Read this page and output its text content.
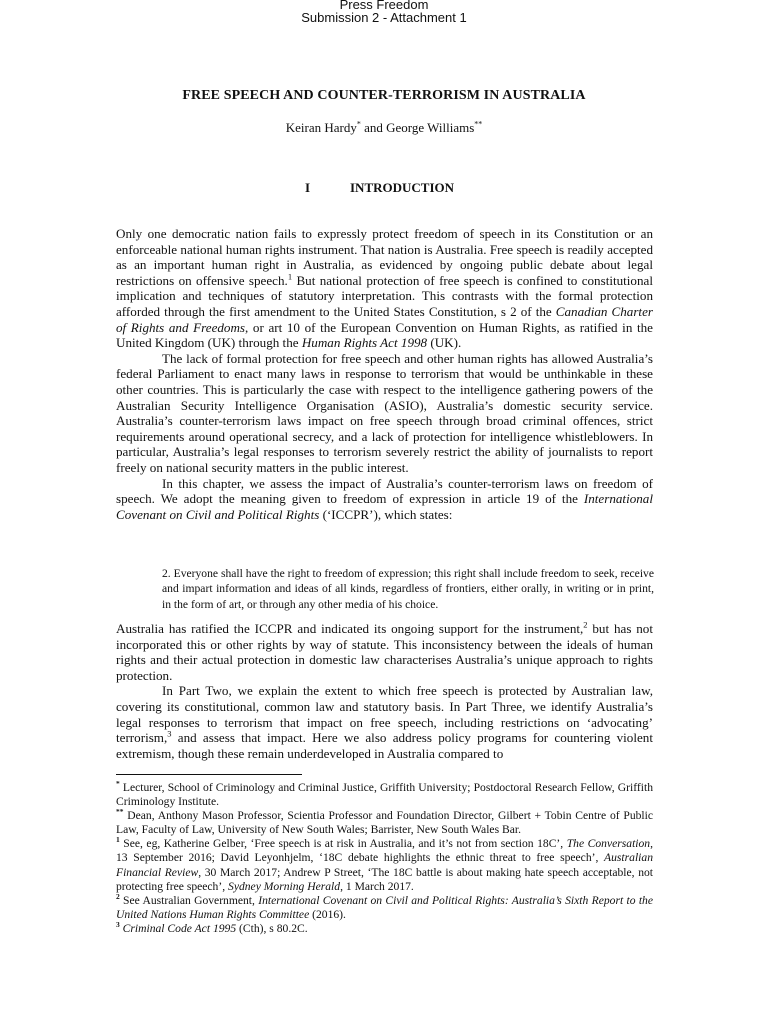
Press Freedom
Submission 2 - Attachment 1
FREE SPEECH AND COUNTER-TERRORISM IN AUSTRALIA
Keiran Hardy* and George Williams**
I	INTRODUCTION

Only one democratic nation fails to expressly protect freedom of speech in its Constitution or an enforceable national human rights instrument. That nation is Australia. Free speech is readily accepted as an important human right in Australia, as evidenced by ongoing public debate about legal restrictions on offensive speech.$^1$ But national protection of free speech is confined to constitutional implication and techniques of statutory interpretation. This contrasts with the formal protection afforded through the first amendment to the United States Constitution, s 2 of the Canadian Charter of Rights and Freedoms, or art 10 of the European Convention on Human Rights, as ratified in the United Kingdom (UK) through the Human Rights Act 1998 (UK).

The lack of formal protection for free speech and other human rights has allowed Australia’s federal Parliament to enact many laws in response to terrorism that would be unthinkable in these other countries. This is particularly the case with respect to the intelligence gathering powers of the Australian Security Intelligence Organisation (ASIO), Australia’s domestic security service. Australia’s counter-terrorism laws impact on free speech through broad criminal offences, strict requirements around operational secrecy, and a lack of protection for intelligence whistleblowers. In particular, Australia’s legal responses to terrorism severely restrict the ability of journalists to report freely on national security matters in the public interest.

In this chapter, we assess the impact of Australia’s counter-terrorism laws on freedom of speech. We adopt the meaning given to freedom of expression in article 19 of the International Covenant on Civil and Political Rights (‘ICCPR’), which states:

2. Everyone shall have the right to freedom of expression; this right shall include freedom to seek, receive and impart information and ideas of all kinds, regardless of frontiers, either orally, in writing or in print, in the form of art, or through any other media of his choice.

Australia has ratified the ICCPR and indicated its ongoing support for the instrument,$^2$ but has not incorporated this or other rights by way of statute. This inconsistency between the ideals of human rights and their actual protection in domestic law characterises Australia’s unique approach to rights protection.

In Part Two, we explain the extent to which free speech is protected by Australian law, covering its constitutional, common law and statutory basis. In Part Three, we identify Australia’s legal responses to terrorism that impact on free speech, including restrictions on ‘advocating’ terrorism,$^3$ and assess that impact. Here we also address policy programs for countering violent extremism, though these remain underdeveloped in Australia compared to

* Lecturer, School of Criminology and Criminal Justice, Griffith University; Postdoctoral Research Fellow, Griffith Criminology Institute.

** Dean, Anthony Mason Professor, Scientia Professor and Foundation Director, Gilbert + Tobin Centre of Public Law, Faculty of Law, University of New South Wales; Barrister, New South Wales Bar.

$^1$ See, eg, Katherine Gelber, ‘Free speech is at risk in Australia, and it’s not from section 18C’, The Conversation, 13 September 2016; David Leyonhjelm, ‘18C debate highlights the ethnic threat to free speech’, Australian Financial Review, 30 March 2017; Andrew P Street, ‘The 18C battle is about making hate speech acceptable, not protecting free speech’, Sydney Morning Herald, 1 March 2017.

$^2$ See Australian Government, International Covenant on Civil and Political Rights: Australia’s Sixth Report to the United Nations Human Rights Committee (2016).

$^3$ Criminal Code Act 1995 (Cth), s 80.2C.
